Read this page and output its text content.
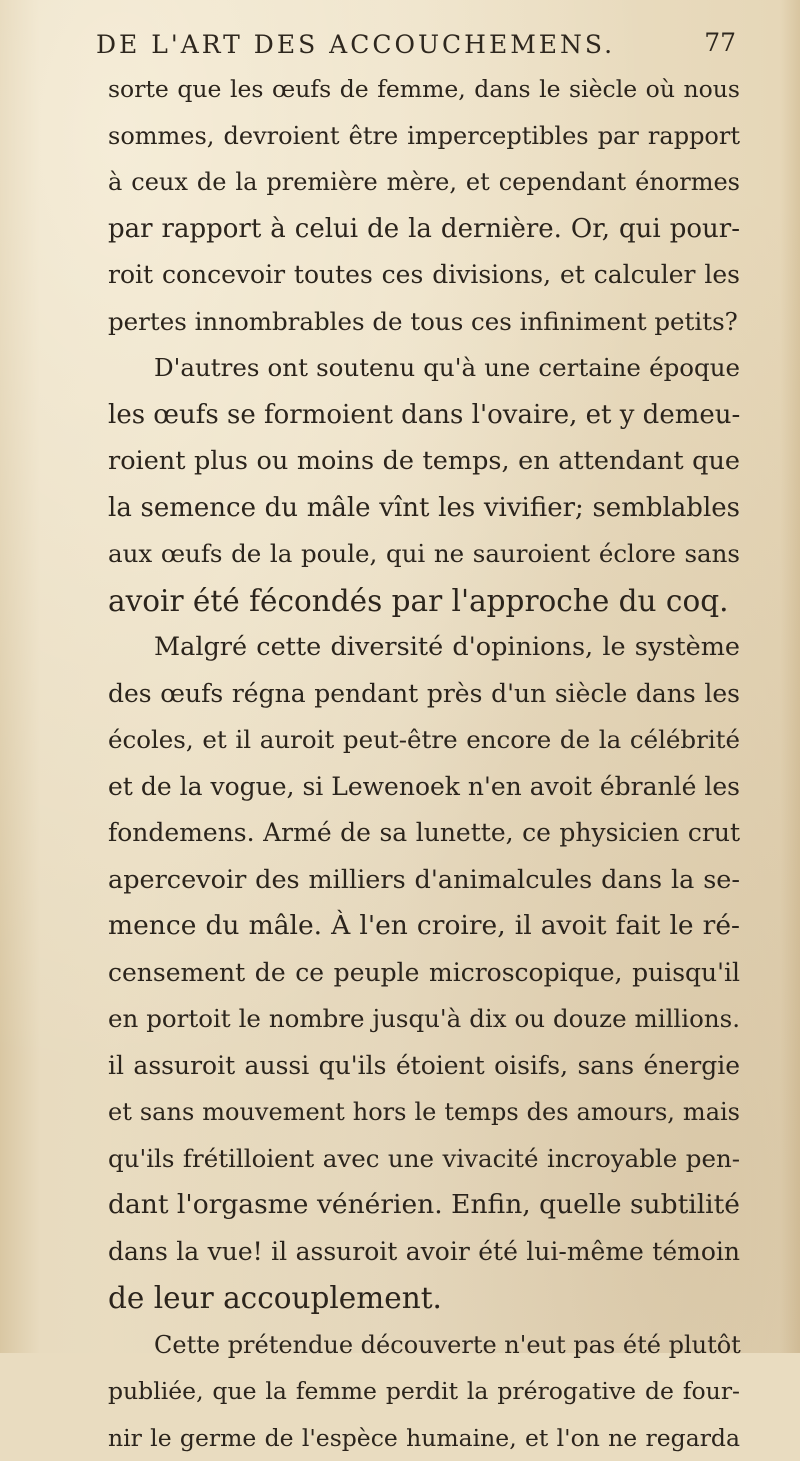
DE L'ART DES ACCOUCHEMENS.	77
sorte que les œufs de femme, dans le siècle où nous
sommes, devroient être imperceptibles par rapport
à ceux de la première mère, et cependant énormes
par rapport à celui de la dernière. Or, qui pour-
roit concevoir toutes ces divisions, et calculer les
pertes innombrables de tous ces infiniment petits?
D'autres ont soutenu qu'à une certaine époque
les œufs se formoient dans l'ovaire, et y demeu-
roient plus ou moins de temps, en attendant que
la semence du mâle vînt les vivifier; semblables
aux œufs de la poule, qui ne sauroient éclore sans
avoir été fécondés par l'approche du coq.
Malgré cette diversité d'opinions, le système
des œufs régna pendant près d'un siècle dans les
écoles, et il auroit peut-être encore de la célébrité
et de la vogue, si Lewenoek n'en avoit ébranlé les
fondemens. Armé de sa lunette, ce physicien crut
apercevoir des milliers d'animalcules dans la se-
mence du mâle. À l'en croire, il avoit fait le ré-
censement de ce peuple microscopique, puisqu'il
en portoit le nombre jusqu'à dix ou douze millions.
il assuroit aussi qu'ils étoient oisifs, sans énergie
et sans mouvement hors le temps des amours, mais
qu'ils frétilloient avec une vivacité incroyable pen-
dant l'orgasme vénérien. Enfin, quelle subtilité
dans la vue! il assuroit avoir été lui-même témoin
de leur accouplement.
Cette prétendue découverte n'eut pas été plutôt
publiée, que la femme perdit la prérogative de four-
nir le germe de l'espèce humaine, et l'on ne regarda
